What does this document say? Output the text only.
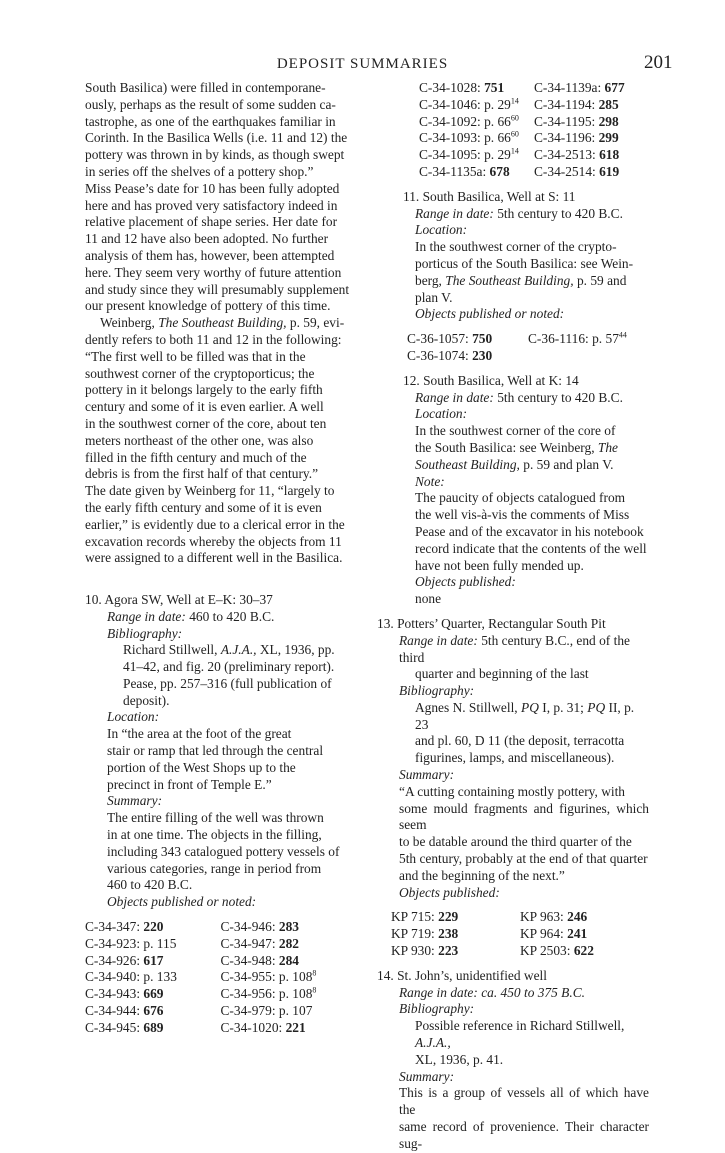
DEPOSIT SUMMARIES	201

South Basilica) were filled in contemporane-

ously, perhaps as the result of some sudden ca-

tastrophe, as one of the earthquakes familiar in

Corinth. In the Basilica Wells (i.e. 11 and 12) the

pottery was thrown in by kinds, as though swept

in series off the shelves of a pottery shop.”

Miss Pease’s date for 10 has been fully adopted

here and has proved very satisfactory indeed in

relative placement of shape series. Her date for

11 and 12 have also been adopted. No further

analysis of them has, however, been attempted

here. They seem very worthy of future attention

and study since they will presumably supplement

our present knowledge of pottery of this time.

Weinberg, The Southeast Building, p. 59, evi-

dently refers to both 11 and 12 in the following:

“The first well to be filled was that in the

southwest corner of the cryptoporticus; the

pottery in it belongs largely to the early fifth

century and some of it is even earlier. A well

in the southwest corner of the core, about ten

meters northeast of the other one, was also

filled in the fifth century and much of the

debris is from the first half of that century.”

The date given by Weinberg for 11, “largely to

the early fifth century and some of it is even

earlier,” is evidently due to a clerical error in the

excavation records whereby the objects from 11

were assigned to a different well in the Basilica.

10. Agora SW, Well at E–K: 30–37

Range in date: 460 to 420 B.C.

Bibliography:

Richard Stillwell, A.J.A., XL, 1936, pp.

41–42, and fig. 20 (preliminary report).

Pease, pp. 257–316 (full publication of

deposit).

Location:

In “the area at the foot of the great

stair or ramp that led through the central

portion of the West Shops up to the

precinct in front of Temple E.”

Summary:

The entire filling of the well was thrown

in at one time. The objects in the filling,

including 343 catalogued pottery vessels of

various categories, range in period from

460 to 420 B.C.

Objects published or noted:

C-34-347: 220	C-34-946: 283
C-34-923: p. 115	C-34-947: 282
C-34-926: 617	C-34-948: 284
C-34-940: p. 133	C-34-955: p. $108^8$
C-34-943: 669	C-34-956: p. $108^8$
C-34-944: 676	C-34-979: p. 107
C-34-945: 689	C-34-1020: 221
C-34-1028: 751	C-34-1139a: 677
C-34-1046: p. $29^{14}$	C-34-1194: 285
C-34-1092: p. $66^{60}$	C-34-1195: 298
C-34-1093: p. $66^{60}$	C-34-1196: 299
C-34-1095: p. $29^{14}$	C-34-2513: 618
C-34-1135a: 678	C-34-2514: 619

11. South Basilica, Well at S: 11

Range in date: 5th century to 420 B.C.

Location:

In the southwest corner of the crypto-

porticus of the South Basilica: see Wein-

berg, The Southeast Building, p. 59 and

plan V.

Objects published or noted:

C-36-1057: 750	C-36-1116: p. $57^{44}$
C-36-1074: 230

12. South Basilica, Well at K: 14

Range in date: 5th century to 420 B.C.

Location:

In the southwest corner of the core of

the South Basilica: see Weinberg, The

Southeast Building, p. 59 and plan V.

Note:

The paucity of objects catalogued from

the well vis-à-vis the comments of Miss

Pease and of the excavator in his notebook

record indicate that the contents of the well

have not been fully mended up.

Objects published:

none

13. Potters’ Quarter, Rectangular South Pit

Range in date: 5th century B.C., end of the third

quarter and beginning of the last

Bibliography:

Agnes N. Stillwell, PQ I, p. 31; PQ II, p. 23

and pl. 60, D 11 (the deposit, terracotta

figurines, lamps, and miscellaneous).

Summary:

“A cutting containing mostly pottery, with

some mould fragments and figurines, which seem

to be datable around the third quarter of the

5th century, probably at the end of that quarter

and the beginning of the next.”

Objects published:

KP 715: 229	KP 963: 246
KP 719: 238	KP 964: 241
KP 930: 223	KP 2503: 622

14. St. John’s, unidentified well

Range in date: ca. 450 to 375 B.C.

Bibliography:

Possible reference in Richard Stillwell, A.J.A.,

XL, 1936, p. 41.

Summary:

This is a group of vessels all of which have the

same record of provenience. Their character sug-
